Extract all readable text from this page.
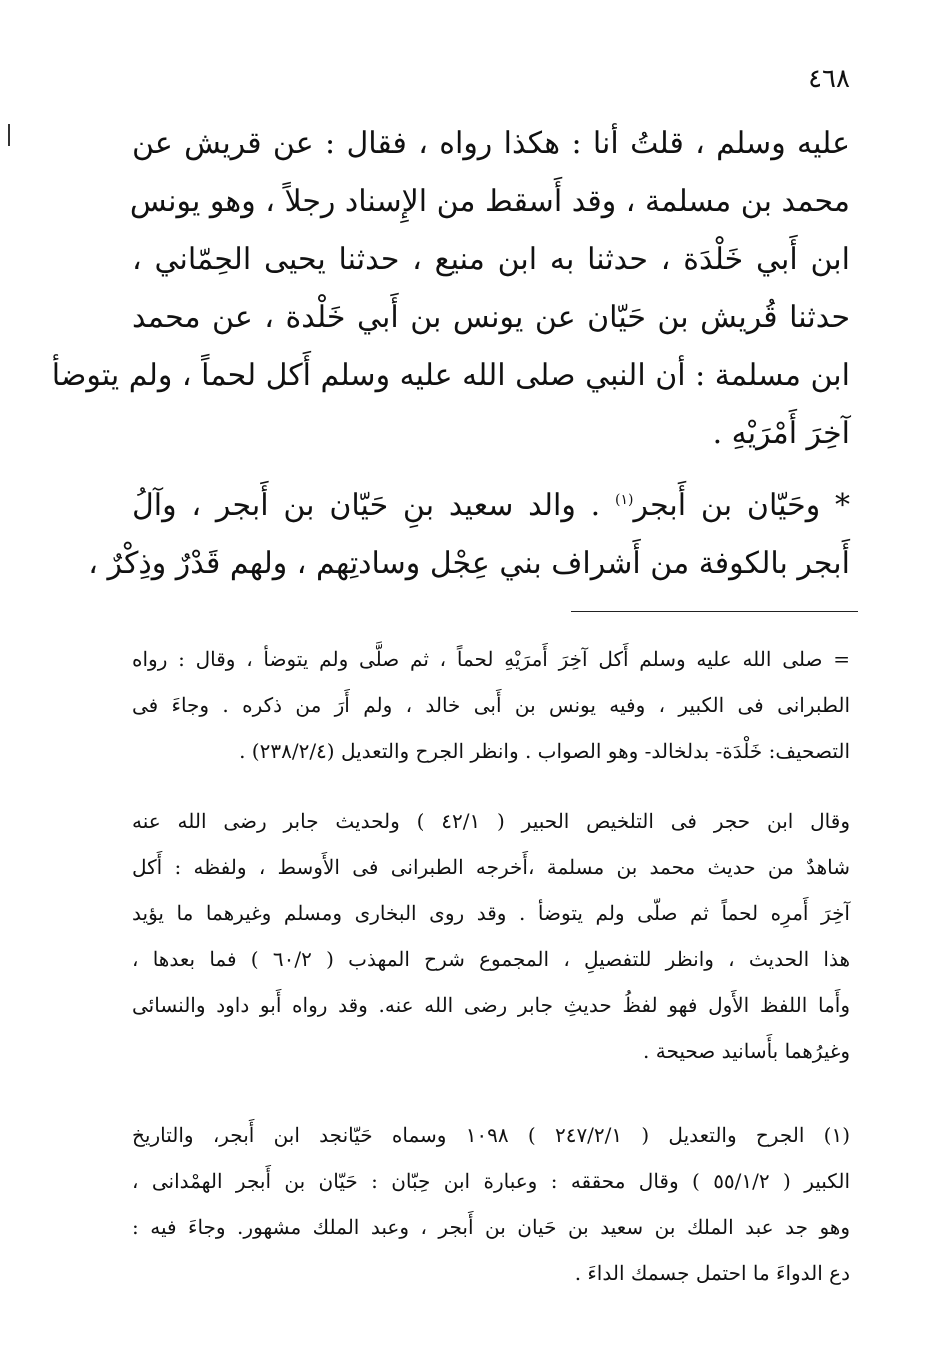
٤٦٨
عليه وسلم ، قلتُ أنا : هكذا رواه ، فقال : عن قريش عن
محمد بن مسلمة ، وقد أَسقط من الإِسناد رجلاً ، وهو يونس
ابن أَبي خَلْدَة ، حدثنا به ابن منيع ، حدثنا يحيى الحِمّاني ،
حدثنا قُريش بن حَيّان عن يونس بن أَبي خَلْدة ، عن محمد
ابن مسلمة : أن النبي صلى الله عليه وسلم أَكل لحماً ، ولم يتوضأ
آخِرَ أَمْرَيْهِ .
* وحَيّان بن أَبجر$^{(١)}$ . والد سعيد بنِ حَيّان بن أَبجر ، وآلُ
أَبجر بالكوفة من أَشراف بني عِجْل وسادتِهم ، ولهم قَدْرٌ وذِكْرٌ ،
= صلى الله عليه وسلم أَكل آخِرَ أَمرَيْهِ لحماً ، ثم صلَّى ولم يتوضأ ، وقال : رواه
الطبرانى فى الكبير ، وفيه يونس بن أَبى خالد ، ولم أَرَ من ذكره . وجاءَ فى
التصحيف: خَلْدَة- بدلخالد- وهو الصواب . وانظر الجرح والتعديل (٢٣٨/٢/٤) .
وقال ابن حجر فى التلخيص الحبير ( ٤٢/١ ) ولحديث جابر رضى الله عنه
شاهدٌ من حديث محمد بن مسلمة ،أَخرجه الطبرانى فى الأَوسط ، ولفظه : أَكل
آخِرَ أَمرِه لحماً ثم صلّى ولم يتوضأ . وقد روى البخارى ومسلم وغيرهما ما يؤيد
هذا الحديث ، وانظر للتفصيلِ ، المجموع شرح المهذب ( ٦٠/٢ ) فما بعدها ،
وأَما اللفظ الأَول فهو لفظُ حديثِ جابر رضى الله عنه. وقد رواه أَبو داود والنسائى
وغيرُهما بأَسانيد صحيحة .
(١) الجرح والتعديل ( ٢٤٧/٢/١ ) ١٠٩٨ وسماه حَيّانجد ابن أَبجر، والتاريخ
الكبير ( ٥٥/١/٢ ) وقال محققه : وعبارة ابن حِبّان : حَيّان بن أَبجر الهمْدانى ،
وهو جد عبد الملك بن سعيد بن حَيان بن أَبجر ، وعبد الملك مشهور. وجاءَ فيه :
دع الدواءَ ما احتمل جسمك الداءَ .
